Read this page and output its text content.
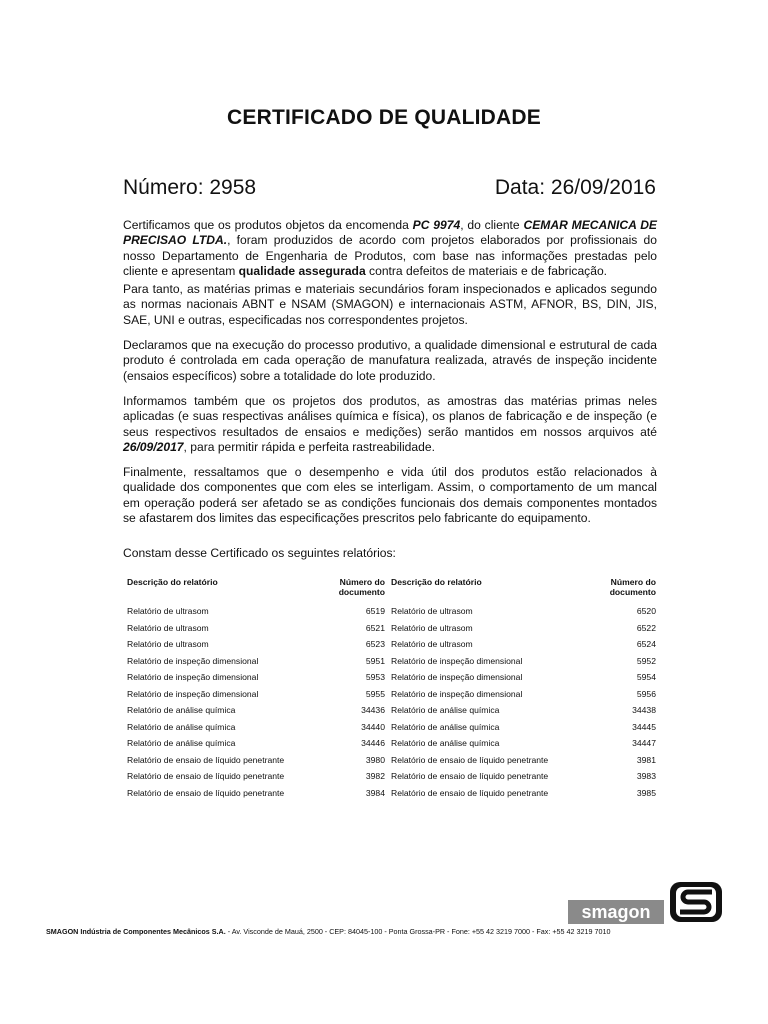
CERTIFICADO DE QUALIDADE
Número: 2958	Data: 26/09/2016

Certificamos que os produtos objetos da encomenda PC 9974, do cliente CEMAR MECANICA DE PRECISAO LTDA., foram produzidos de acordo com projetos elaborados por profissionais do nosso Departamento de Engenharia de Produtos, com base nas informações prestadas pelo cliente e apresentam qualidade assegurada contra defeitos de materiais e de fabricação.

Para tanto, as matérias primas e materiais secundários foram inspecionados e aplicados segundo as normas nacionais ABNT e NSAM (SMAGON) e internacionais ASTM, AFNOR, BS, DIN, JIS, SAE, UNI e outras, especificadas nos correspondentes projetos.

Declaramos que na execução do processo produtivo, a qualidade dimensional e estrutural de cada produto é controlada em cada operação de manufatura realizada, através de inspeção incidente (ensaios específicos) sobre a totalidade do lote produzido.

Informamos também que os projetos dos produtos, as amostras das matérias primas neles aplicadas (e suas respectivas análises química e física), os planos de fabricação e de inspeção (e seus respectivos resultados de ensaios e medições) serão mantidos em nossos arquivos até 26/09/2017, para permitir rápida e perfeita rastreabilidade.

Finalmente, ressaltamos que o desempenho e vida útil dos produtos estão relacionados à qualidade dos componentes que com eles se interligam. Assim, o comportamento de um mancal em operação poderá ser afetado se as condições funcionais dos demais componentes montados se afastarem dos limites das especificações prescritos pelo fabricante do equipamento.

Constam desse Certificado os seguintes relatórios:
Descrição do relatório	Número do documento	Descrição do relatório	Número do documento
Relatório de ultrasom	6519	Relatório de ultrasom	6520
Relatório de ultrasom	6521	Relatório de ultrasom	6522
Relatório de ultrasom	6523	Relatório de ultrasom	6524
Relatório de inspeção dimensional	5951	Relatório de inspeção dimensional	5952
Relatório de inspeção dimensional	5953	Relatório de inspeção dimensional	5954
Relatório de inspeção dimensional	5955	Relatório de inspeção dimensional	5956
Relatório de análise química	34436	Relatório de análise química	34438
Relatório de análise química	34440	Relatório de análise química	34445
Relatório de análise química	34446	Relatório de análise química	34447
Relatório de ensaio de líquido penetrante	3980	Relatório de ensaio de líquido penetrante	3981
Relatório de ensaio de líquido penetrante	3982	Relatório de ensaio de líquido penetrante	3983
Relatório de ensaio de líquido penetrante	3984	Relatório de ensaio de líquido penetrante	3985
smagon
SMAGON Indústria de Componentes Mecânicos S.A. - Av. Visconde de Mauá, 2500 - CEP: 84045-100 - Ponta Grossa-PR - Fone: +55 42 3219 7000 - Fax: +55 42 3219 7010
